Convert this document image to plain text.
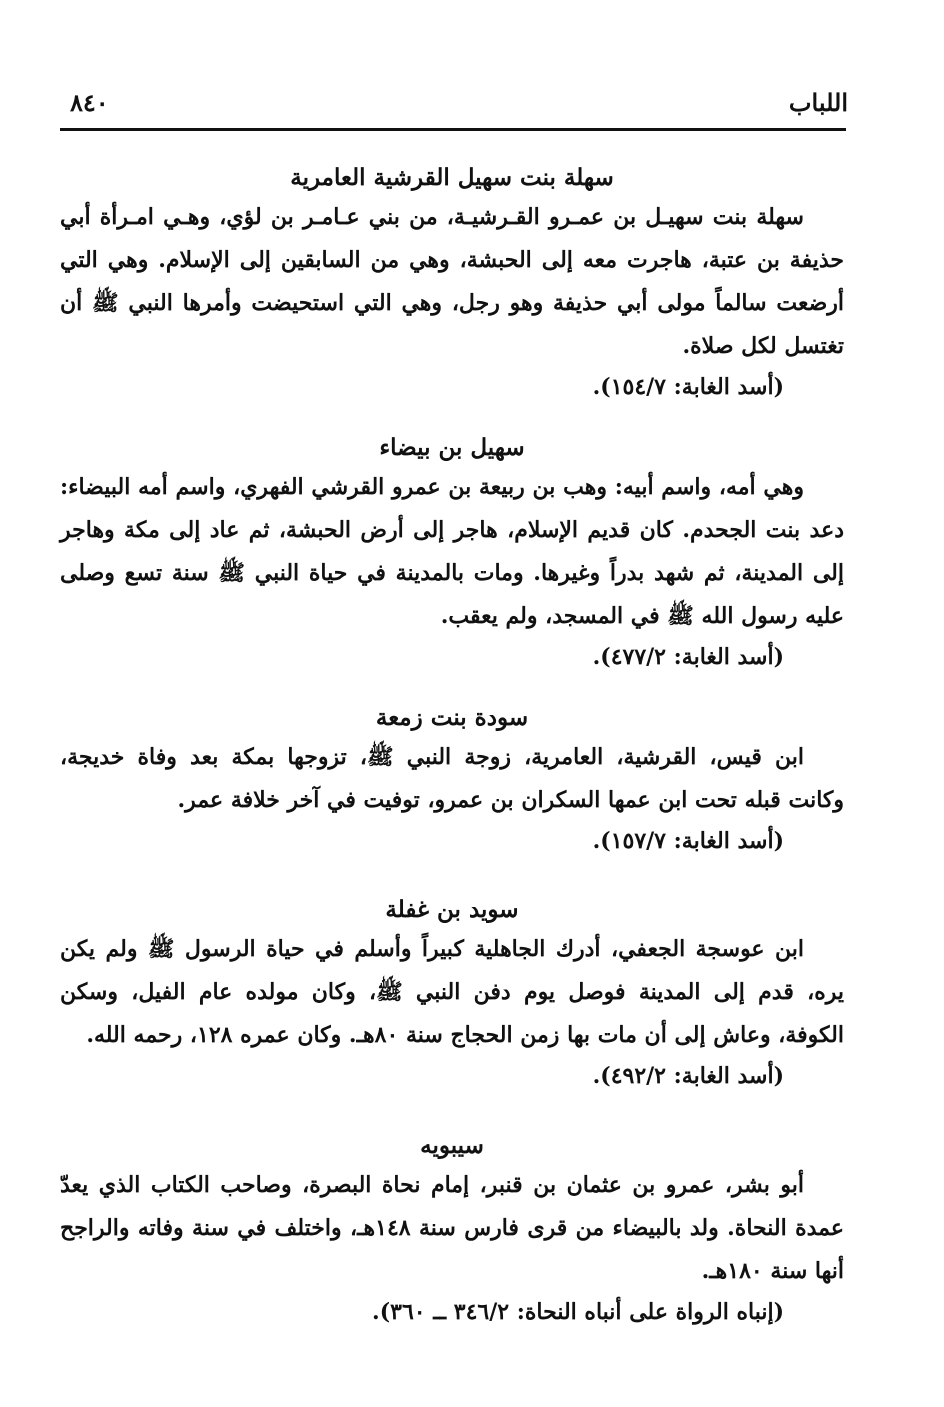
٨٤٠	اللباب
سهلة بنت سهيل القرشية العامرية
سهلة بنت سهيـل بن عمـرو القـرشيـة، من بني عـامـر بن لؤي، وهـي امـرأة أبي حذيفة بن عتبة، هاجرت معه إلى الحبشة، وهي من السابقين إلى الإسلام. وهي التي أرضعت سالماً مولى أبي حذيفة وهو رجل، وهي التي استحيضت وأمرها النبي ﷺ أن تغتسل لكل صلاة.
(أسد الغابة: ١٥٤/٧).
سهيل بن بيضاء
وهي أمه، واسم أبيه: وهب بن ربيعة بن عمرو القرشي الفهري، واسم أمه البيضاء: دعد بنت الجحدم. كان قديم الإسلام، هاجر إلى أرض الحبشة، ثم عاد إلى مكة وهاجر إلى المدينة، ثم شهد بدراً وغيرها. ومات بالمدينة في حياة النبي ﷺ سنة تسع وصلى عليه رسول الله ﷺ في المسجد، ولم يعقب.
(أسد الغابة: ٤٧٧/٢).
سودة بنت زمعة
ابن قيس، القرشية، العامرية، زوجة النبي ﷺ، تزوجها بمكة بعد وفاة خديجة، وكانت قبله تحت ابن عمها السكران بن عمرو، توفيت في آخر خلافة عمر.
(أسد الغابة: ١٥٧/٧).
سويد بن غفلة
ابن عوسجة الجعفي، أدرك الجاهلية كبيراً وأسلم في حياة الرسول ﷺ ولم يكن يره، قدم إلى المدينة فوصل يوم دفن النبي ﷺ، وكان مولده عام الفيل، وسكن الكوفة، وعاش إلى أن مات بها زمن الحجاج سنة ٨٠هـ. وكان عمره ١٢٨، رحمه الله.
(أسد الغابة: ٤٩٢/٢).
سيبويه
أبو بشر، عمرو بن عثمان بن قنبر، إمام نحاة البصرة، وصاحب الكتاب الذي يعدّ عمدة النحاة. ولد بالبيضاء من قرى فارس سنة ١٤٨هـ، واختلف في سنة وفاته والراجح أنها سنة ١٨٠هـ.
(إنباه الرواة على أنباه النحاة: ٣٤٦/٢ ــ ٣٦٠).
